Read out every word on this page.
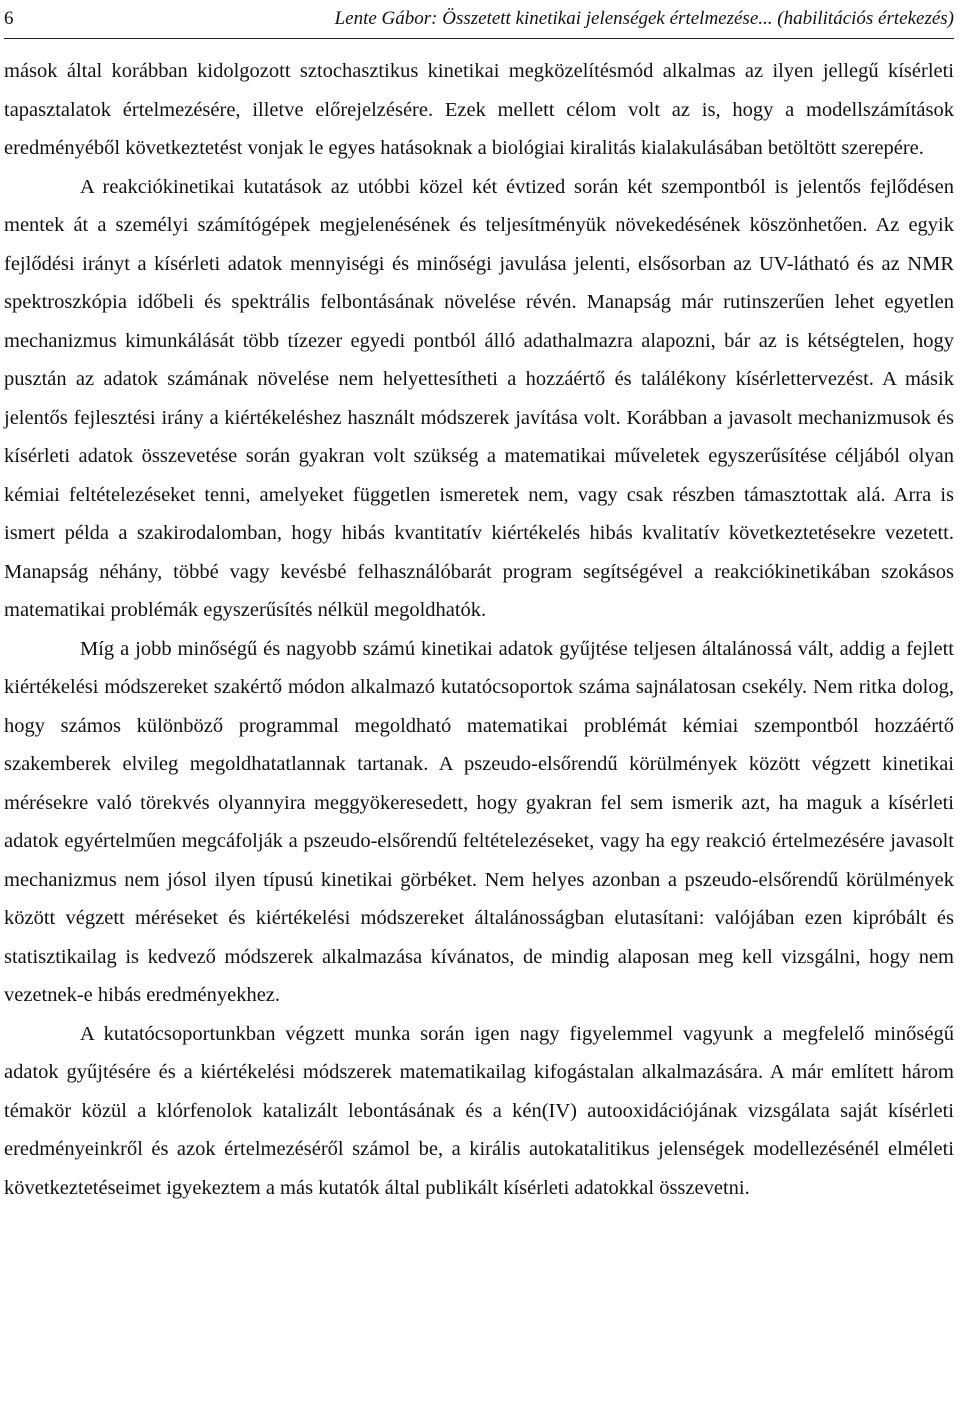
6	Lente Gábor: Összetett kinetikai jelenségek értelmezése... (habilitációs értekezés)

mások által korábban kidolgozott sztochasztikus kinetikai megközelítésmód alkalmas az ilyen jellegű kísérleti tapasztalatok értelmezésére, illetve előrejelzésére. Ezek mellett célom volt az is, hogy a modellszámítások eredményéből következtetést vonjak le egyes hatásoknak a biológiai kiralitás kialakulásában betöltött szerepére.

A reakciókinetikai kutatások az utóbbi közel két évtized során két szempontból is jelentős fejlődésen mentek át a személyi számítógépek megjelenésének és teljesítményük növekedésének köszönhetően. Az egyik fejlődési irányt a kísérleti adatok mennyiségi és minőségi javulása jelenti, elsősorban az UV-látható és az NMR spektroszkópia időbeli és spektrális felbontásának növelése révén. Manapság már rutinszerűen lehet egyetlen mechanizmus kimunkálását több tízezer egyedi pontból álló adathalmazra alapozni, bár az is kétségtelen, hogy pusztán az adatok számának növelése nem helyettesítheti a hozzáértő és találékony kísérlettervezést. A másik jelentős fejlesztési irány a kiértékeléshez használt módszerek javítása volt. Korábban a javasolt mechanizmusok és kísérleti adatok összevetése során gyakran volt szükség a matematikai műveletek egyszerűsítése céljából olyan kémiai feltételezéseket tenni, amelyeket független ismeretek nem, vagy csak részben támasztottak alá. Arra is ismert példa a szakirodalomban, hogy hibás kvantitatív kiértékelés hibás kvalitatív következtetésekre vezetett. Manapság néhány, többé vagy kevésbé felhasználóbarát program segítségével a reakciókinetikában szokásos matematikai problémák egyszerűsítés nélkül megoldhatók.

Míg a jobb minőségű és nagyobb számú kinetikai adatok gyűjtése teljesen általánossá vált, addig a fejlett kiértékelési módszereket szakértő módon alkalmazó kutatócsoportok száma sajnálatosan csekély. Nem ritka dolog, hogy számos különböző programmal megoldható matematikai problémát kémiai szempontból hozzáértő szakemberek elvileg megoldhatatlannak tartanak. A pszeudo-elsőrendű körülmények között végzett kinetikai mérésekre való törekvés olyannyira meggyökeresedett, hogy gyakran fel sem ismerik azt, ha maguk a kísérleti adatok egyértelműen megcáfolják a pszeudo-elsőrendű feltételezéseket, vagy ha egy reakció értelmezésére javasolt mechanizmus nem jósol ilyen típusú kinetikai görbéket. Nem helyes azonban a pszeudo-elsőrendű körülmények között végzett méréseket és kiértékelési módszereket általánosságban elutasítani: valójában ezen kipróbált és statisztikailag is kedvező módszerek alkalmazása kívánatos, de mindig alaposan meg kell vizsgálni, hogy nem vezetnek-e hibás eredményekhez.

A kutatócsoportunkban végzett munka során igen nagy figyelemmel vagyunk a megfelelő minőségű adatok gyűjtésére és a kiértékelési módszerek matematikailag kifogástalan alkalmazására. A már említett három témakör közül a klórfenolok katalizált lebontásának és a kén(IV) autooxidációjának vizsgálata saját kísérleti eredményeinkről és azok értelmezéséről számol be, a királis autokatalitikus jelenségek modellezésénél elméleti következtetéseimet igyekeztem a más kutatók által publikált kísérleti adatokkal összevetni.
